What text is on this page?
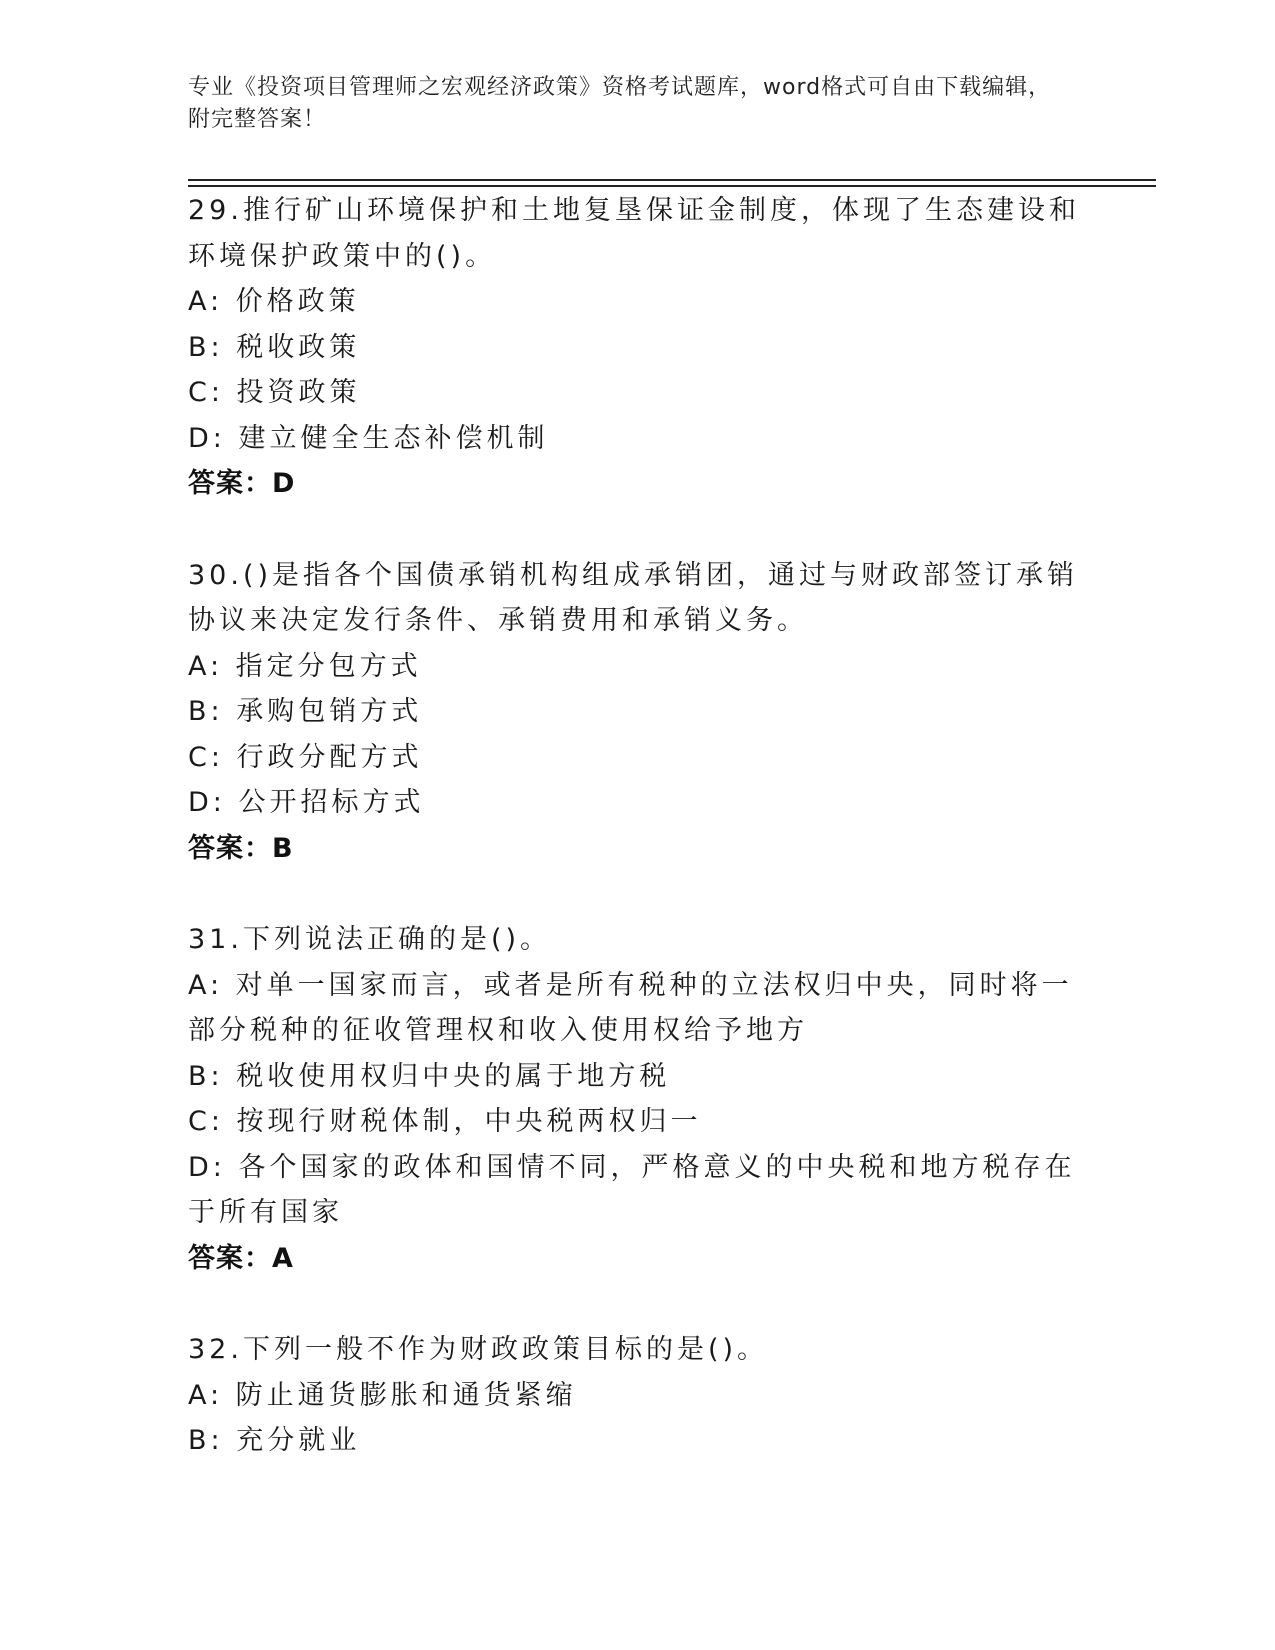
专业《投资项目管理师之宏观经济政策》资格考试题库，word格式可自由下载编辑，附完整答案！

29.推行矿山环境保护和土地复垦保证金制度，体现了生态建设和环境保护政策中的()。

A: 价格政策

B: 税收政策

C: 投资政策

D: 建立健全生态补偿机制

答案：D

30.()是指各个国债承销机构组成承销团，通过与财政部签订承销协议来决定发行条件、承销费用和承销义务。

A: 指定分包方式

B: 承购包销方式

C: 行政分配方式

D: 公开招标方式

答案：B

31.下列说法正确的是()。

A: 对单一国家而言，或者是所有税种的立法权归中央，同时将一部分税种的征收管理权和收入使用权给予地方

B: 税收使用权归中央的属于地方税

C: 按现行财税体制，中央税两权归一

D: 各个国家的政体和国情不同，严格意义的中央税和地方税存在于所有国家

答案：A

32.下列一般不作为财政政策目标的是()。

A: 防止通货膨胀和通货紧缩

B: 充分就业
